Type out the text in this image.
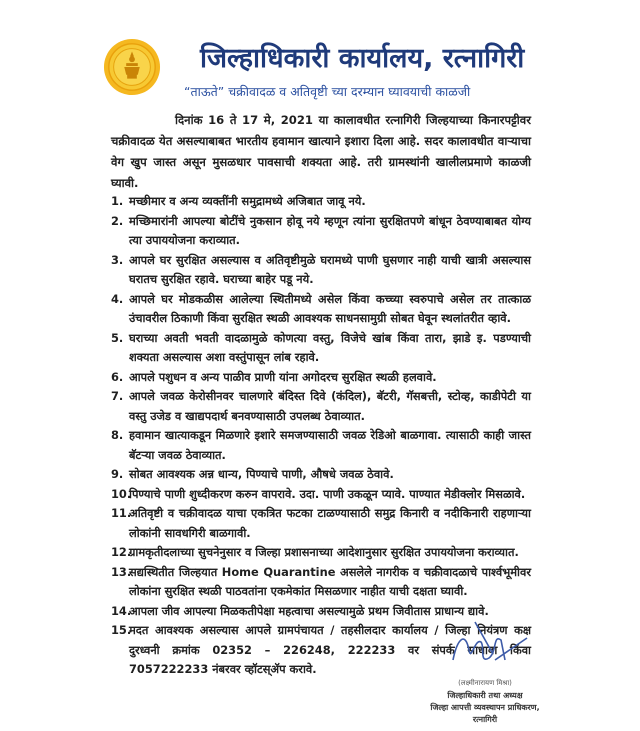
जिल्हाधिकारी कार्यालय, रत्नागिरी
“ताऊते” चक्रीवादळ व अतिवृष्टी च्या दरम्यान घ्यावयाची काळजी

दिनांक 16 ते 17 मे, 2021 या कालावधीत रत्नागिरी जिल्हयाच्या किनारपट्टीवर चक्रीवादळ येत असल्याबाबत भारतीय हवामान खात्याने इशारा दिला आहे. सदर कालावधीत वाऱ्याचा वेग खुप जास्त असून मुसळधार पावसाची शक्यता आहे. तरी ग्रामस्थांनी खालीलप्रमाणे काळजी घ्यावी.

1. मच्छीमार व अन्य व्यक्तींनी समुद्रामध्ये अजिबात जावू नये.
2. मच्छिमारांनी आपल्या बोटींचे नुकसान होवू नये म्हणून त्यांना सुरक्षितपणे बांधून ठेवण्याबाबत योग्य त्या उपाययोजना कराव्यात.
3. आपले घर सुरक्षित असल्यास व अतिवृष्टीमुळे घरामध्ये पाणी घुसणार नाही याची खात्री असल्यास घरातच सुरक्षित रहावे. घराच्या बाहेर पडू नये.
4. आपले घर मोडकळीस आलेल्या स्थितीमध्ये असेल किंवा कच्च्या स्वरुपाचे असेल तर तात्काळ उंचावरील ठिकाणी किंवा सुरक्षित स्थळी आवश्यक साधनसामुग्री सोबत घेवून स्थलांतरीत व्हावे.
5. घराच्या अवती भवती वादळामुळे कोणत्या वस्तु, विजेचे खांब किंवा तारा, झाडे इ. पडण्याची शक्यता असल्यास अशा वस्तुंपासून लांब रहावे.
6. आपले पशुधन व अन्य पाळीव प्राणी यांना अगोदरच सुरक्षित स्थळी हलवावे.
7. आपले जवळ केरोसीनवर चालणारे बंदिस्त दिवे (कंदिल), बॅटरी, गॅसबत्ती, स्टोव्ह, काडीपेटी या वस्तु उजेड व खाद्यपदार्थ बनवण्यासाठी उपलब्ध ठेवाव्यात.
8. हवामान खात्याकडून मिळणारे इशारे समजण्यासाठी जवळ रेडिओ बाळगावा. त्यासाठी काही जास्त बॅटऱ्या जवळ ठेवाव्यात.
9. सोबत आवश्यक अन्न धान्य, पिण्याचे पाणी, औषधे जवळ ठेवावे.
10.
पिण्याचे पाणी शुध्दीकरण करुन वापरावे. उदा. पाणी उकळून प्यावे. पाण्यात मेडीक्लोर मिसळावे.
11.
अतिवृष्टी व चक्रीवादळ याचा एकत्रित फटका टाळण्यासाठी समुद्र किनारी व नदीकिनारी राहणाऱ्या लोकांनी सावधगिरी बाळगावी.
12.
ग्रामकृतीदलाच्या सुचनेनुसार व जिल्हा प्रशासनाच्या आदेशानुसार सुरक्षित उपाययोजना कराव्यात.
13.
सद्यस्थितीत जिल्हयात Home Quarantine असलेले नागरीक व चक्रीवादळाचे पार्श्वभूमीवर लोकांना सुरक्षित स्थळी पाठवतांना एकमेकांत मिसळणार नाहीत याची दक्षता घ्यावी.
14.
आपला जीव आपल्या मिळकतीपेक्षा महत्वाचा असल्यामुळे प्रथम जिवीतास प्राधान्य द्यावे.
15.
मदत आवश्यक असल्यास आपले ग्रामपंचायत / तहसीलदार कार्यालय / जिल्हा नियंत्रण कक्ष दुरध्वनी क्रमांक 02352 – 226248, 222233 वर संपर्क साधावा किंवा 7057222233 नंबरवर व्हॉटस्ॲप करावे.
(लक्ष्मीनारायण मिश्रा)
जिल्हाधिकारी तथा अध्यक्ष
जिल्हा आपत्ती व्यवस्थापन प्राधिकरण,
रत्नागिरी
